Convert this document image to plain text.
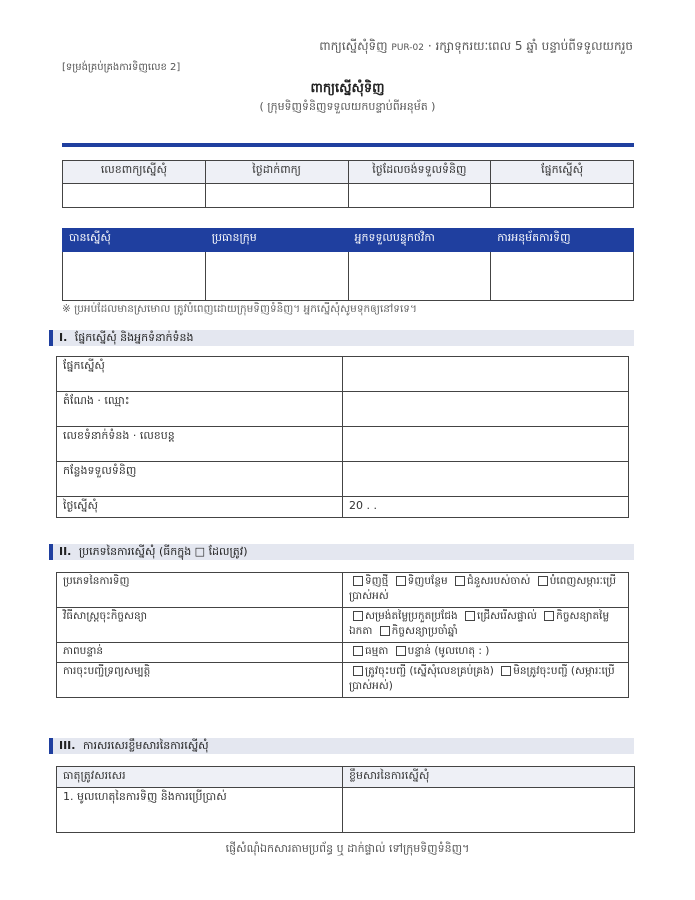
ពាក្យស្នើសុំទិញ PUR-02 · រក្សាទុករយៈពេល 5 ឆ្នាំ បន្ទាប់ពីទទួលយករួច
[ទម្រង់គ្រប់គ្រងការទិញលេខ 2]
ពាក្យស្នើសុំទិញ
( ក្រុមទិញទំនិញទទួលយកបន្ទាប់ពីអនុម័ត )
លេខពាក្យស្នើសុំ	ថ្ងៃដាក់ពាក្យ	ថ្ងៃដែលចង់ទទួលទំនិញ	ផ្នែកស្នើសុំ

បានស្នើសុំ	ប្រធានក្រុម	អ្នកទទួលបន្ទុកថវិកា	ការអនុម័តការទិញ

※ ប្រអប់ដែលមានស្រមោល ត្រូវបំពេញដោយក្រុមទិញទំនិញ។ អ្នកស្នើសុំសូមទុកឲ្យនៅទទេ។
I. ផ្នែកស្នើសុំ និងអ្នកទំនាក់ទំនង
ផ្នែកស្នើសុំ	
តំណែង · ឈ្មោះ	
លេខទំនាក់ទំនង · លេខបន្ត	
កន្លែងទទួលទំនិញ	
ថ្ងៃស្នើសុំ	20 . .
II. ប្រភេទនៃការស្នើសុំ (ធីកក្នុង □ ដែលត្រូវ)
ប្រភេទនៃការទិញ	ទិញថ្មី ទិញបន្ថែម ជំនួសរបស់ចាស់ បំពេញសម្ភារៈប្រើប្រាស់អស់
វិធីសាស្ត្រចុះកិច្ចសន្យា	សម្រង់តម្លៃប្រកួតប្រជែង ជ្រើសរើសផ្ទាល់ កិច្ចសន្យាតម្លៃឯកតា កិច្ចសន្យាប្រចាំឆ្នាំ
ភាពបន្ទាន់	ធម្មតា បន្ទាន់ (មូលហេតុ : )
ការចុះបញ្ជីទ្រព្យសម្បត្តិ	ត្រូវចុះបញ្ជី (ស្នើសុំលេខគ្រប់គ្រង) មិនត្រូវចុះបញ្ជី (សម្ភារៈប្រើប្រាស់អស់)
III. ការសរសេរខ្លឹមសារនៃការស្នើសុំ
ធាតុត្រូវសរសេរ	ខ្លឹមសារនៃការស្នើសុំ
1. មូលហេតុនៃការទិញ និងការប្រើប្រាស់	
ផ្ញើសំណុំឯកសារតាមប្រព័ន្ធ ឬ ដាក់ផ្ទាល់ ទៅក្រុមទិញទំនិញ។
